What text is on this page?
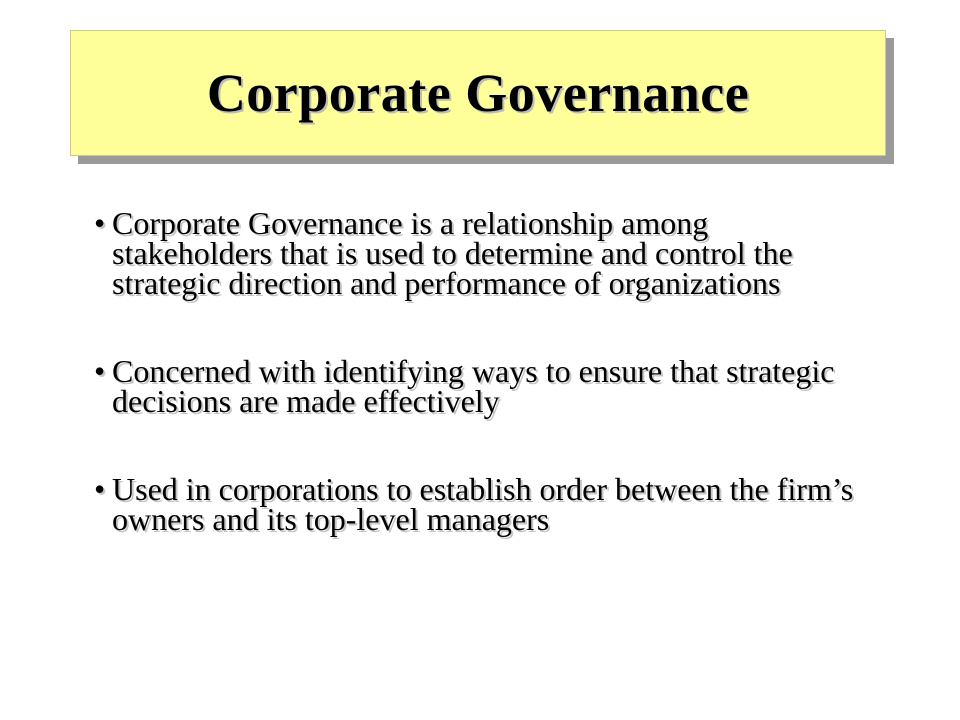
Corporate Governance
• Corporate Governance is a relationship among stakeholders that is used to determine and control the strategic direction and performance of organizations
• Concerned with identifying ways to ensure that strategic decisions are made effectively
• Used in corporations to establish order between the firm’s owners and its top-level managers
